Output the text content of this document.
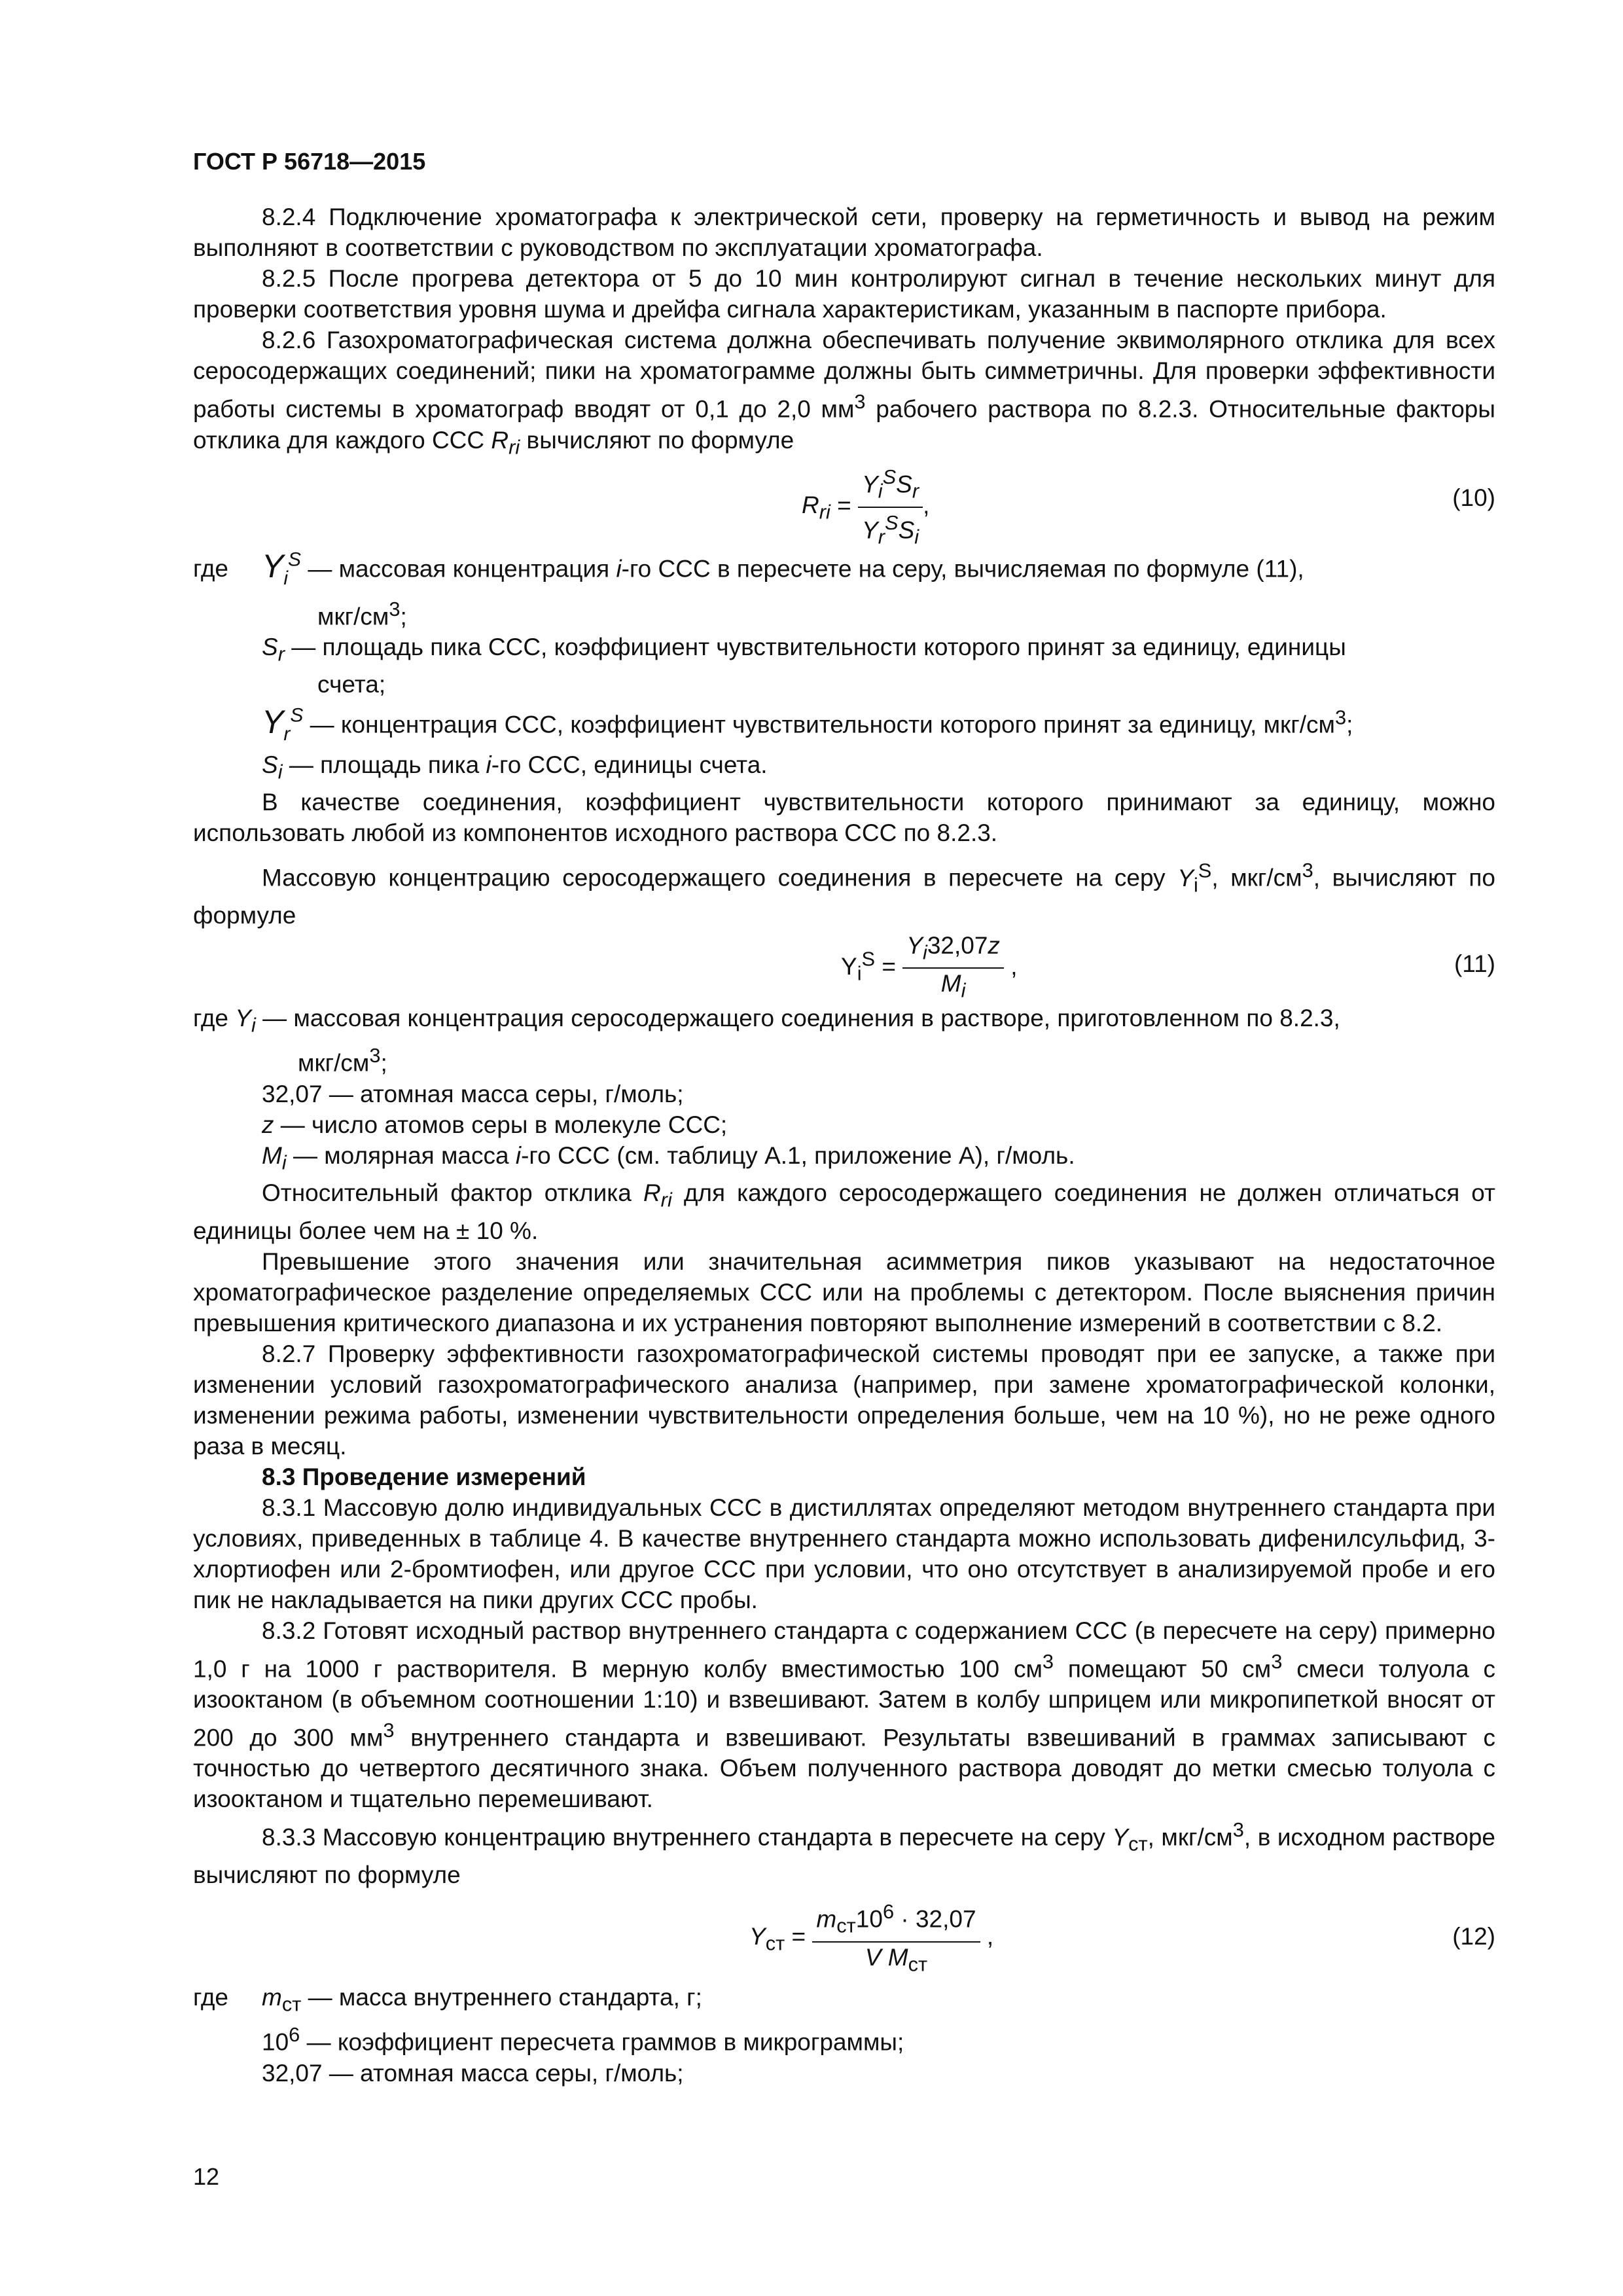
ГОСТ Р 56718—2015

8.2.4 Подключение хроматографа к электрической сети, проверку на герметичность и вывод на режим выполняют в соответствии с руководством по эксплуатации хроматографа.

8.2.5 После прогрева детектора от 5 до 10 мин контролируют сигнал в течение нескольких минут для проверки соответствия уровня шума и дрейфа сигнала характеристикам, указанным в паспорте прибора.

8.2.6 Газохроматографическая система должна обеспечивать получение эквимолярного отклика для всех серосодержащих соединений; пики на хроматограмме должны быть симметричны. Для проверки эффективности работы системы в хроматограф вводят от 0,1 до 2,0 $мм^3$ рабочего раствора по 8.2.3. Относительные факторы отклика для каждого ССС $R_{ri}$ вычисляют по формуле

$R_{ri} = \frac{Y_i^SS_r}{Y_r^SS_i}$ ,	(10)
где	$Y_i^S$ — массовая концентрация i-го ССС в пересчете на серу, вычисляемая по формуле (11),
мкг/$см^3$;
$S_r$ — площадь пика ССС, коэффициент чувствительности которого принят за единицу, единицы
счета;
$Y_r^S$ — концентрация ССС, коэффициент чувствительности которого принят за единицу, мкг/$см^3$;
$S_i$ — площадь пика i-го ССС, единицы счета.

В качестве соединения, коэффициент чувствительности которого принимают за единицу, можно использовать любой из компонентов исходного раствора ССС по 8.2.3.

Массовую концентрацию серосодержащего соединения в пересчете на серу $Y_i^S$, мкг/$см^3$, вычисляют по формуле

$Y_i^S = \frac{Y_i32,07z}{M_i}$ ,	(11)
где $Y_i$ — массовая концентрация серосодержащего соединения в растворе, приготовленном по 8.2.3,
мкг/$см^3$;
32,07 — атомная масса серы, г/моль;
z — число атомов серы в молекуле ССС;
$M_i$ — молярная масса i-го ССС (см. таблицу А.1, приложение А), г/моль.

Относительный фактор отклика $R_{ri}$ для каждого серосодержащего соединения не должен отличаться от единицы более чем на ± 10 %.

Превышение этого значения или значительная асимметрия пиков указывают на недостаточное хроматографическое разделение определяемых ССС или на проблемы с детектором. После выяснения причин превышения критического диапазона и их устранения повторяют выполнение измерений в соответствии с 8.2.

8.2.7 Проверку эффективности газохроматографической системы проводят при ее запуске, а также при изменении условий газохроматографического анализа (например, при замене хроматографической колонки, изменении режима работы, изменении чувствительности определения больше, чем на 10 %), но не реже одного раза в месяц.

8.3 Проведение измерений

8.3.1 Массовую долю индивидуальных ССС в дистиллятах определяют методом внутреннего стандарта при условиях, приведенных в таблице 4. В качестве внутреннего стандарта можно использовать дифенилсульфид, 3-хлортиофен или 2-бромтиофен, или другое ССС при условии, что оно отсутствует в анализируемой пробе и его пик не накладывается на пики других ССС пробы.

8.3.2 Готовят исходный раствор внутреннего стандарта с содержанием ССС (в пересчете на серу) примерно 1,0 г на 1000 г растворителя. В мерную колбу вместимостью 100 $см^3$ помещают 50 $см^3$ смеси толуола с изооктаном (в объемном соотношении 1:10) и взвешивают. Затем в колбу шприцем или микропипеткой вносят от 200 до 300 $мм^3$ внутреннего стандарта и взвешивают. Результаты взвешиваний в граммах записывают с точностью до четвертого десятичного знака. Объем полученного раствора доводят до метки смесью толуола с изооктаном и тщательно перемешивают.

8.3.3 Массовую концентрацию внутреннего стандарта в пересчете на серу $Y_{ст}$, мкг/$см^3$, в исходном растворе вычисляют по формуле

$Y_{ст} = \frac{m_{ст}10^6 \cdot 32,07}{V M_{ст}}$ ,	(12)
где	$m_{ст}$ — масса внутреннего стандарта, г;
$10^6$ — коэффициент пересчета граммов в микрограммы;
32,07 — атомная масса серы, г/моль;
12
